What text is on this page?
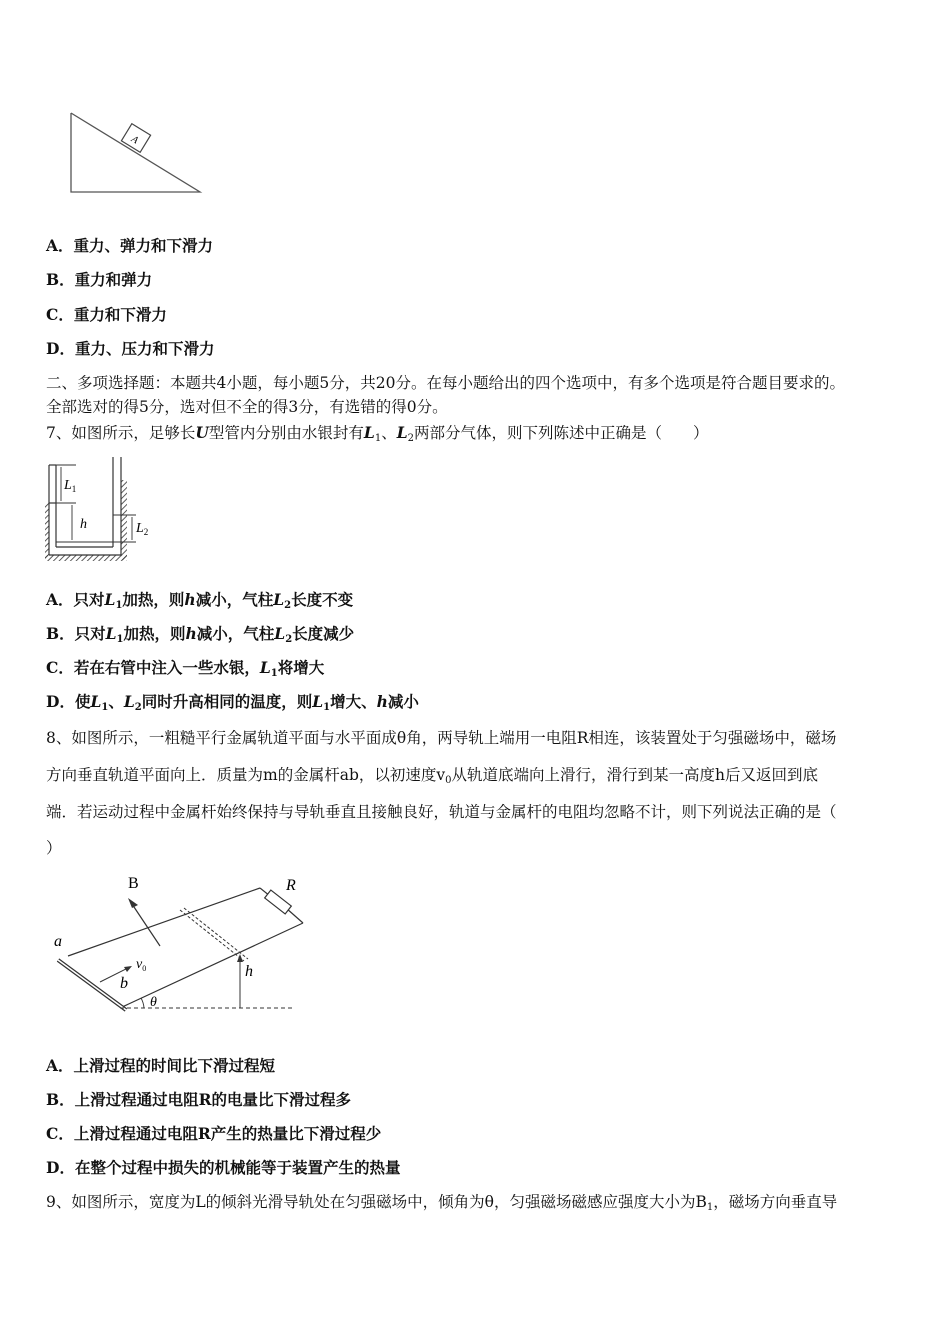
A
A．重力、弹力和下滑力
B．重力和弹力
C．重力和下滑力
D．重力、压力和下滑力
二、多项选择题：本题共4小题，每小题5分，共20分。在每小题给出的四个选项中，有多个选项是符合题目要求的。
全部选对的得5分，选对但不全的得3分，有选错的得0分。
7、如图所示，足够长U型管内分别由水银封有$L_1$、$L_2$两部分气体，则下列陈述中正确是（　　）
$L_1$
h	$L_2$
A．只对$L_1$加热，则h减小，气柱$L_2$长度不变
B．只对$L_1$加热，则h减小，气柱$L_2$长度减少
C．若在右管中注入一些水银，$L_1$将增大
D．使$L_1$、$L_2$同时升高相同的温度，则$L_1$增大、h减小
8、如图所示，一粗糙平行金属轨道平面与水平面成θ角，两导轨上端用一电阻R相连，该装置处于匀强磁场中，磁场
方向垂直轨道平面向上．质量为m的金属杆ab，以初速度$v_0$从轨道底端向上滑行，滑行到某一高度h后又返回到底
端．若运动过程中金属杆始终保持与导轨垂直且接触良好，轨道与金属杆的电阻均忽略不计，则下列说法正确的是（
）
R
a
b
B
$v_0$	h
θ
A．上滑过程的时间比下滑过程短
B．上滑过程通过电阻R的电量比下滑过程多
C．上滑过程通过电阻R产生的热量比下滑过程少
D．在整个过程中损失的机械能等于装置产生的热量
9、如图所示，宽度为L的倾斜光滑导轨处在匀强磁场中，倾角为θ，匀强磁场磁感应强度大小为$B_1$，磁场方向垂直导
